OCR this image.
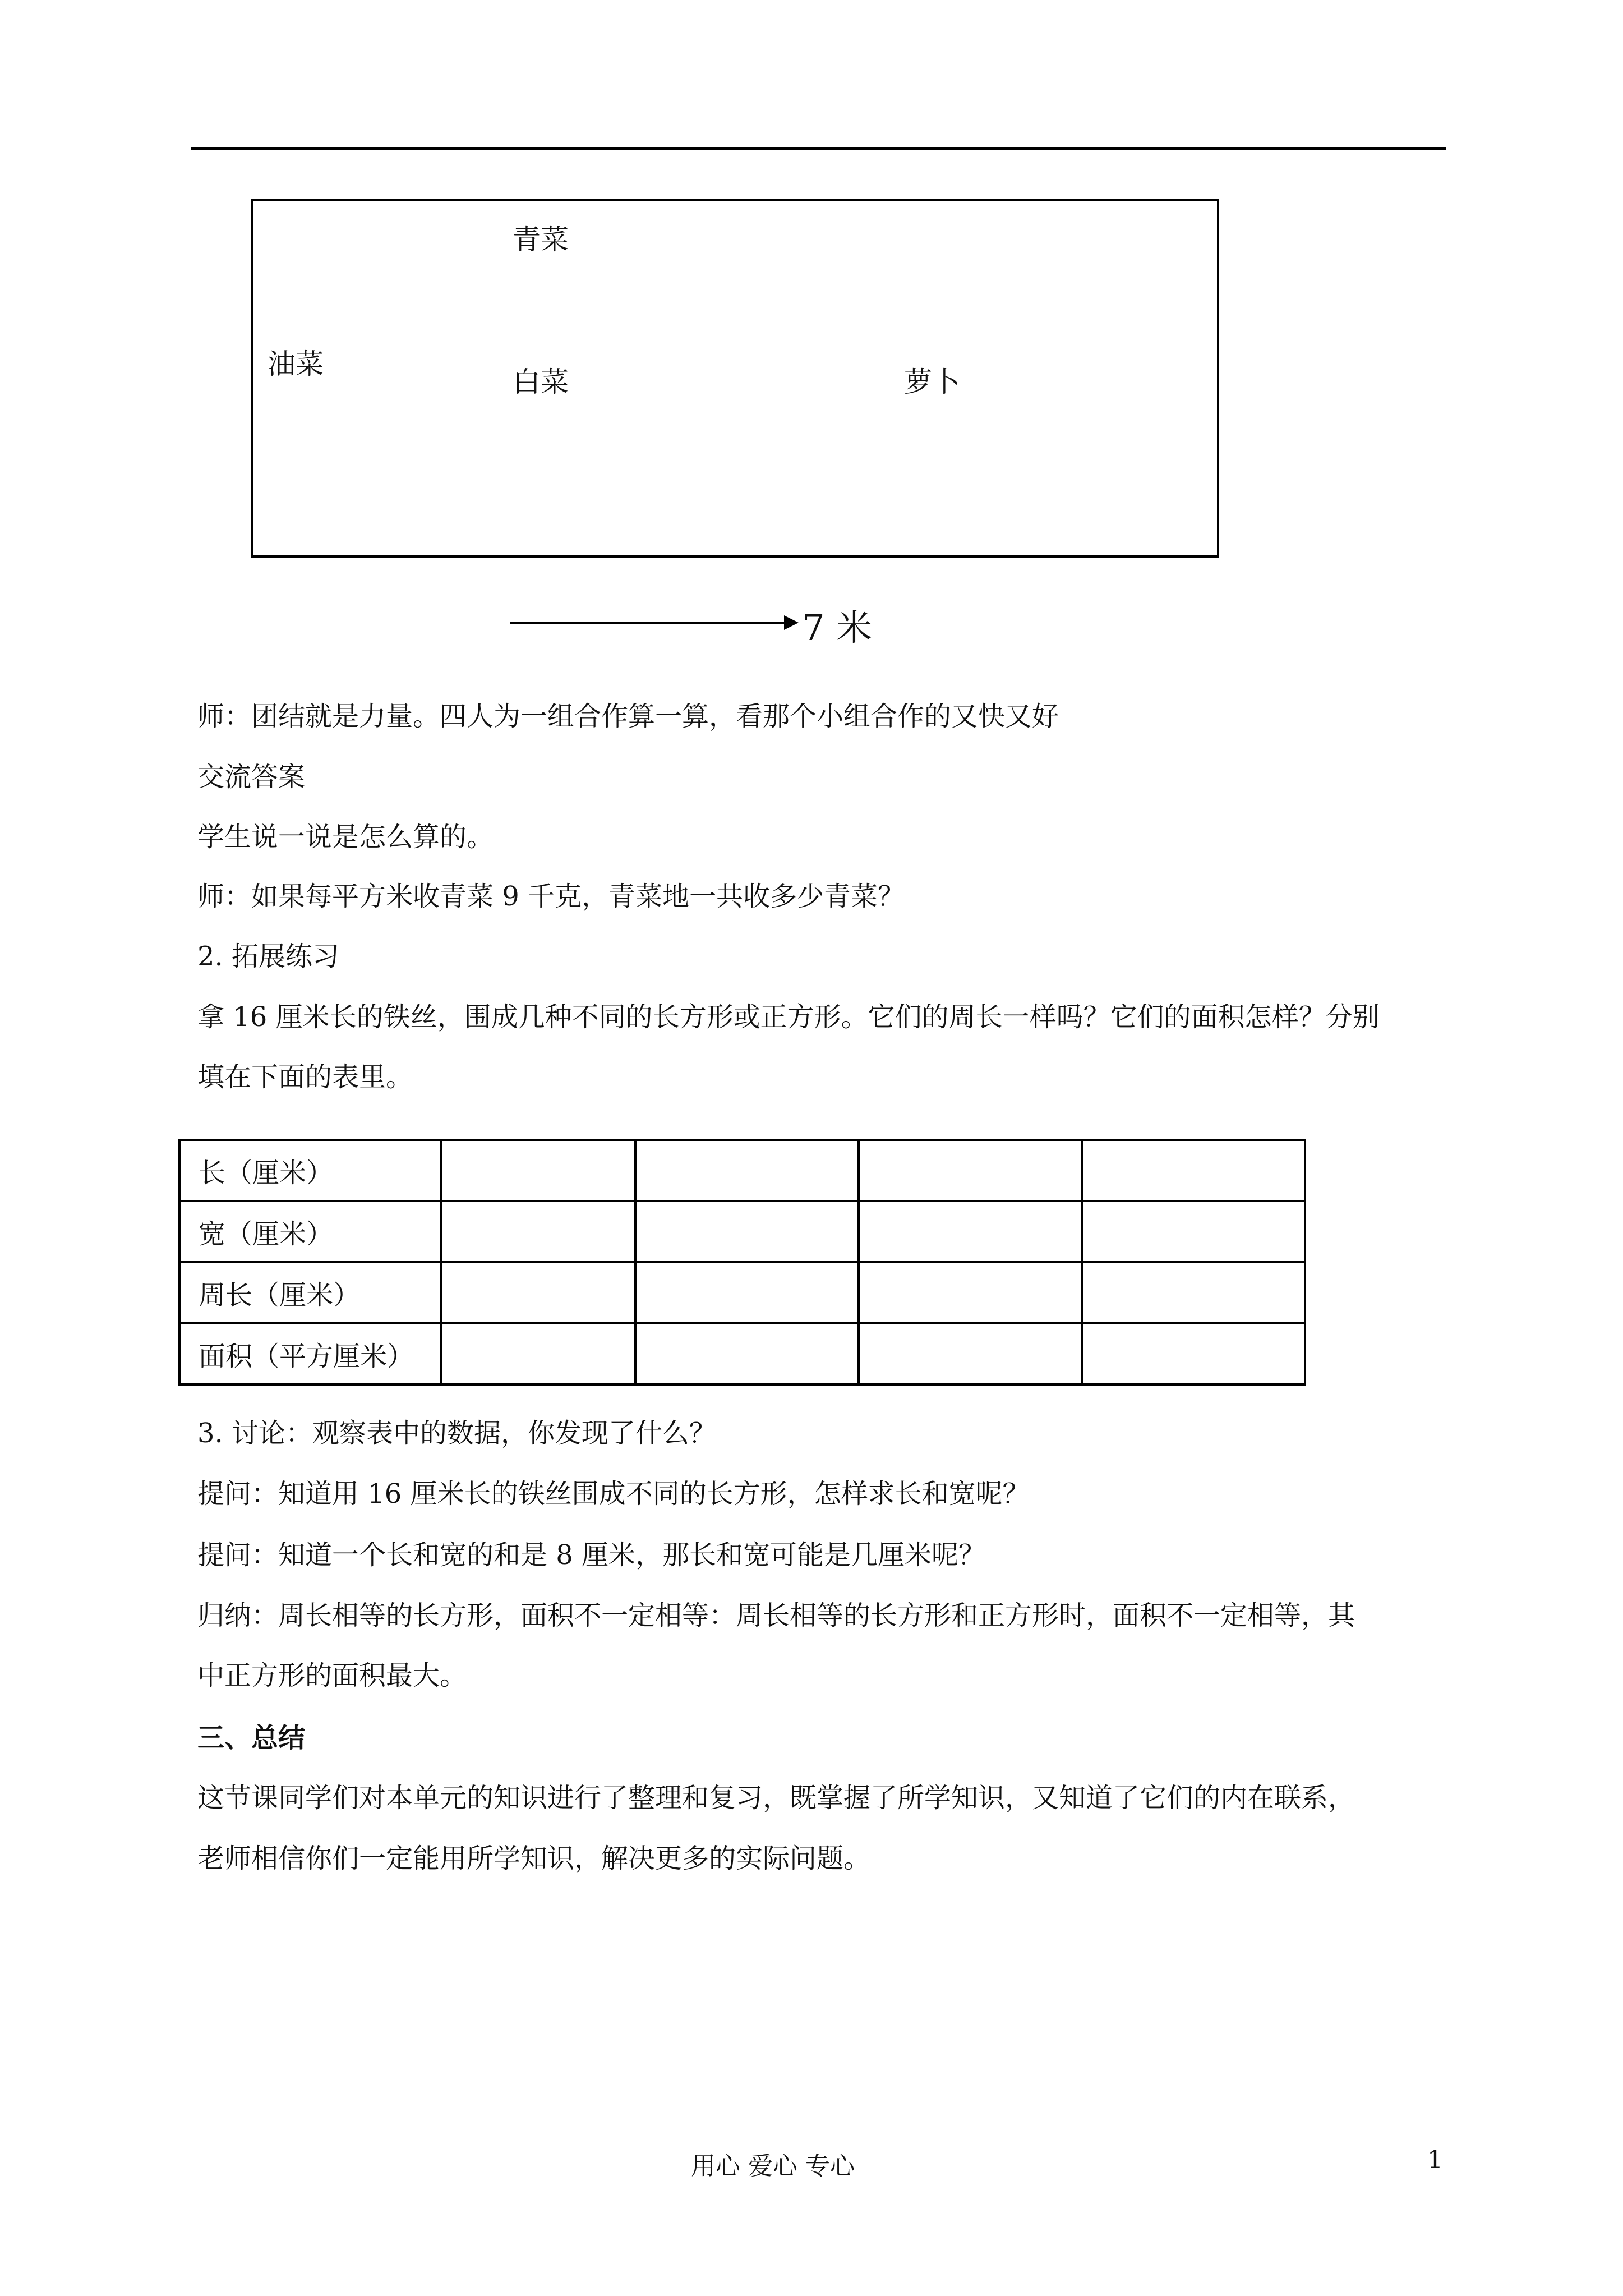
油菜
青菜
白菜	萝卜
7 米
师：团结就是力量。四人为一组合作算一算，看那个小组合作的又快又好
交流答案
学生说一说是怎么算的。
师：如果每平方米收青菜 9 千克，青菜地一共收多少青菜？
2. 拓展练习
拿 16 厘米长的铁丝，围成几种不同的长方形或正方形。它们的周长一样吗？它们的面积怎样？分别
填在下面的表里。
长（厘米）				
宽（厘米）				
周长（厘米）				
面积（平方厘米）				
3. 讨论：观察表中的数据，你发现了什么？
提问：知道用 16 厘米长的铁丝围成不同的长方形，怎样求长和宽呢？
提问：知道一个长和宽的和是 8 厘米，那长和宽可能是几厘米呢？
归纳：周长相等的长方形，面积不一定相等：周长相等的长方形和正方形时，面积不一定相等，其
中正方形的面积最大。
三、总结
这节课同学们对本单元的知识进行了整理和复习，既掌握了所学知识，又知道了它们的内在联系，
老师相信你们一定能用所学知识，解决更多的实际问题。
用心 爱心 专心	1
